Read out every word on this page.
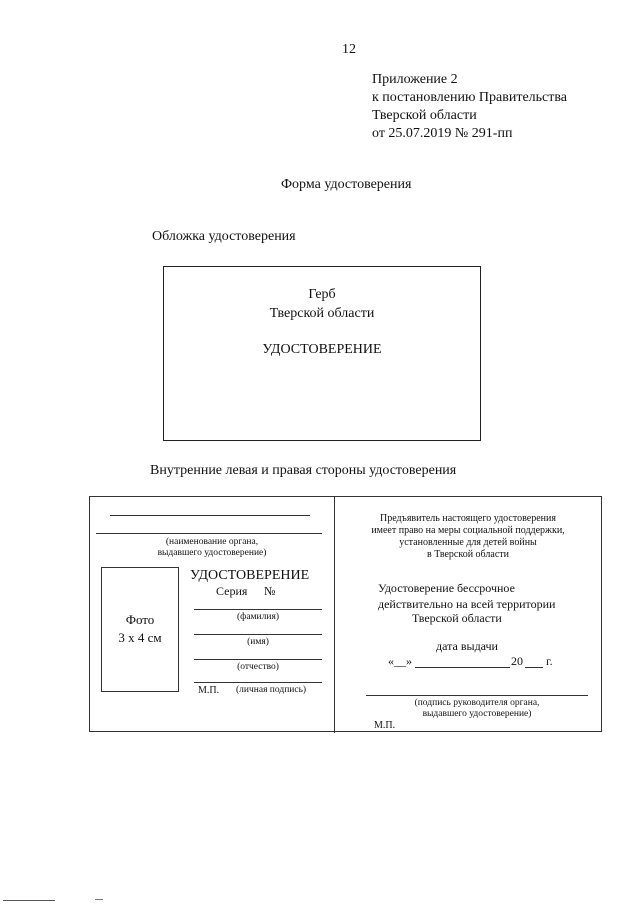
12
Приложение 2
к постановлению Правительства
Тверской области
от 25.07.2019 № 291-пп
Форма удостоверения
Обложка удостоверения
Герб
Тверской области
УДОСТОВЕРЕНИЕ
Внутренние левая и правая стороны удостоверения
(наименование органа,
выдавшего удостоверение)
Фото
3 х 4 см
УДОСТОВЕРЕНИЕ
Серия №
(фамилия)
(имя)
(отчество)
М.П. (личная подпись)
Предъявитель настоящего удостоверения
имеет право на меры социальной поддержки,
установленные для детей войны
в Тверской области
Удостоверение бессрочное
действительно на всей территории
Тверской области
дата выдачи
«__»	20 г.
(подпись руководителя органа,
выдавшего удостоверение)
М.П.
